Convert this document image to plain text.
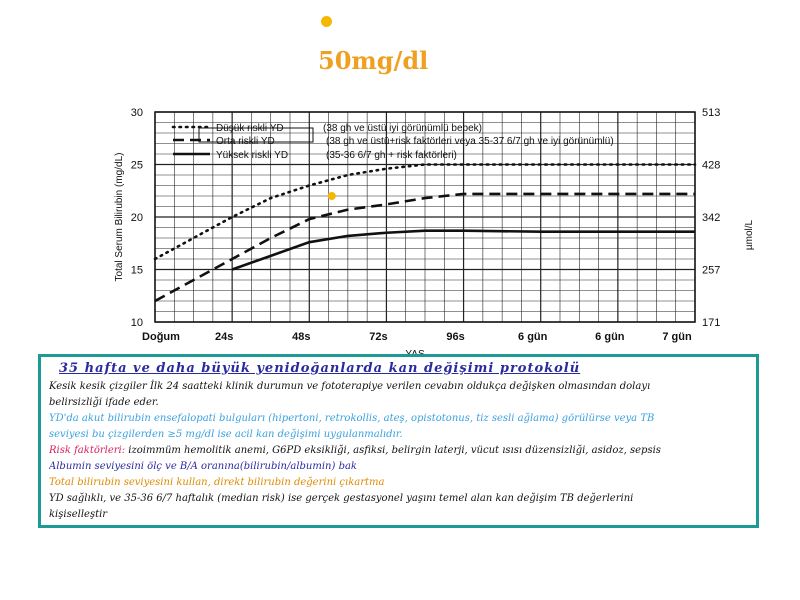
50mg/dl
30
25
20
15
10
513
428
342
257
171
Doğum	24s	48s	72s	96s	6 gün	6 gün	7 gün
Total Serum Bilirubin (mg/dL)	µmol/L
Düşük riskli YD	(38 gh ve üstü iyi görünümlü bebek)
Orta riskli YD	(38 gh ve üstü+risk faktörleri veya 35-37 6/7 gh ve iyi görünümlü)
Yüksek riskli YD	(35-36 6/7 gh + risk faktörleri)
35 hafta ve daha büyük yenidoğanlarda kan değişimi protokolü
Kesik kesik çizgiler İlk 24 saatteki klinik durumun ve fototerapiye verilen cevabın oldukça değişken olmasından dolayı
belirsizliği ifade eder.
YD'da akut bilirubin ensefalopati bulguları (hipertoni, retrokollis, ateş, opistotonus, tiz sesli ağlama) görülürse veya TB
seviyesi bu çizgilerden ≥5 mg/dl ise acil kan değişimi uygulanmalıdır.
Risk faktörleri: izoimmüm hemolitik anemi, G6PD eksikliği, asfiksi, belirgin laterji, vücut ısısı düzensizliği, asidoz, sepsis
Albumin seviyesini ölç ve B/A oranına(bilirubin/albumin) bak
Total bilirubin seviyesini kullan, direkt bilirubin değerini çıkartma
YD sağlıklı, ve 35-36 6/7 haftalık (median risk) ise gerçek gestasyonel yaşını temel alan kan değişim TB değerlerini
kişiselleştir
